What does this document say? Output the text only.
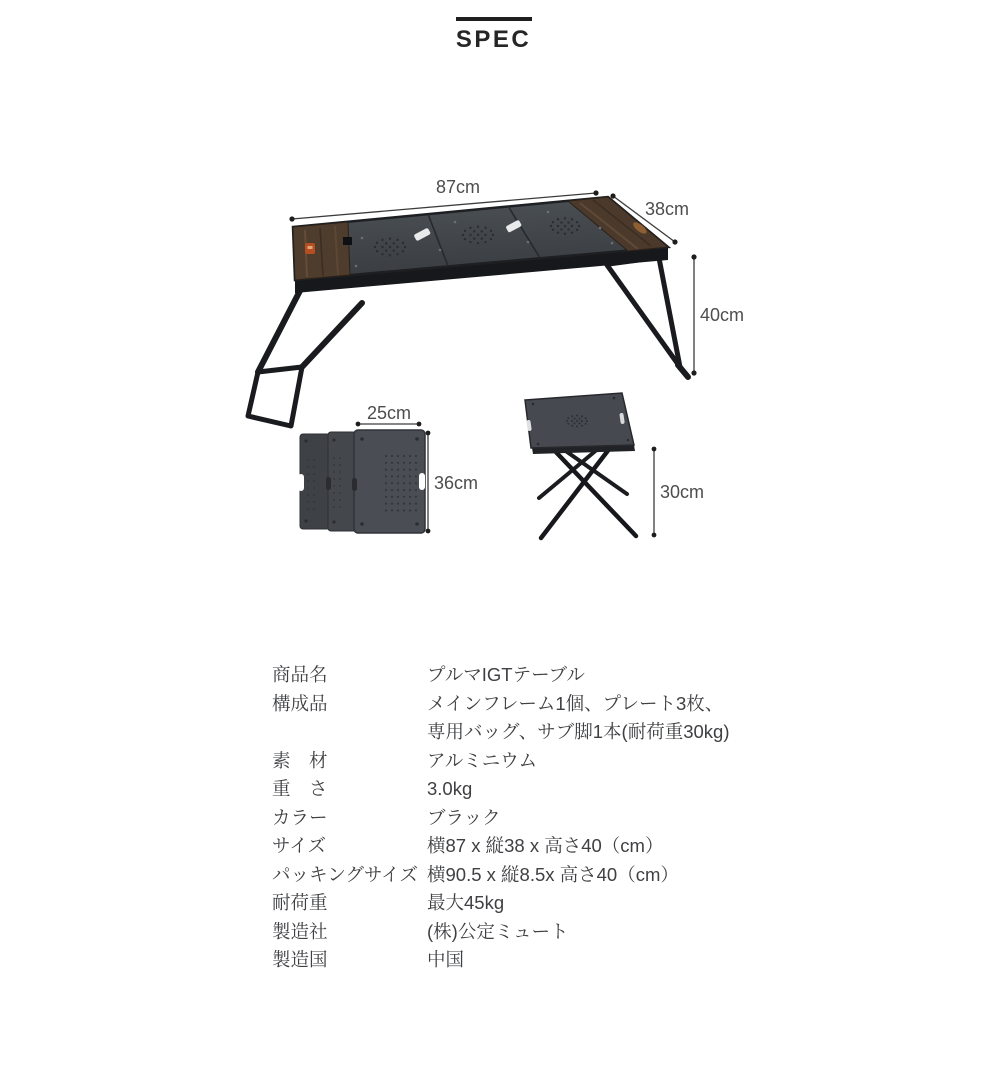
SPEC
87cm
38cm
40cm
25cm
36cm	30cm
商品名	プルマIGTテーブル
構成品	メインフレーム1個、プレート3枚、
専用バッグ、サブ脚1本(耐荷重30kg)
素　材	アルミニウム
重　さ	3.0kg
カラー	ブラック
サイズ	横87 x 縦38 x 高さ40（cm）
パッキングサイズ 横90.5 x 縦8.5x 高さ40（cm）
耐荷重	最大45kg
製造社	(株)公定ミュート
製造国	中国
